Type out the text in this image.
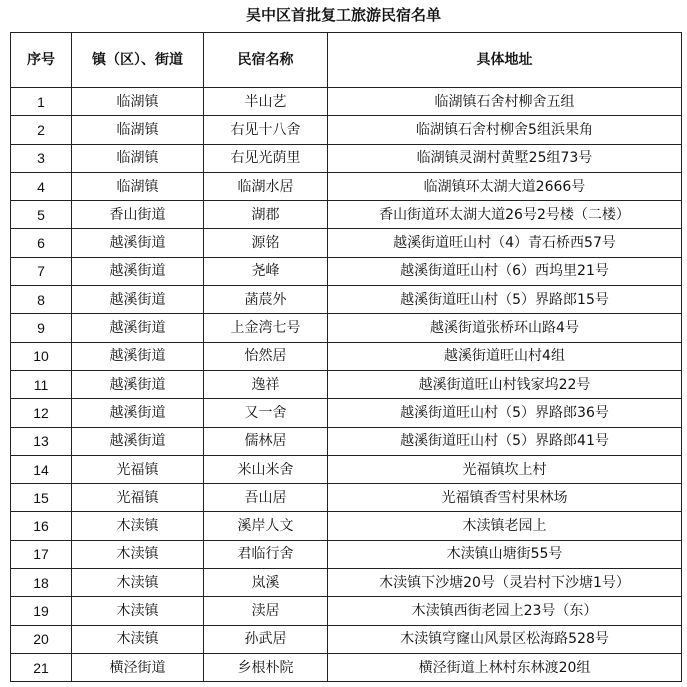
吴中区首批复工旅游民宿名单
序号	镇（区）、街道	民宿名称	具体地址
1	临湖镇	半山艺	临湖镇石舍村柳舍五组
2	临湖镇	右见十八舍	临湖镇石舍村柳舍5组浜果角
3	临湖镇	右见光荫里	临湖镇灵湖村黄墅25组73号
4	临湖镇	临湖水居	临湖镇环太湖大道2666号
5	香山街道	湖郡	香山街道环太湖大道26号2号楼（二楼）
6	越溪街道	源铭	越溪街道旺山村（4）青石桥西57号
7	越溪街道	尧峰	越溪街道旺山村（6）西坞里21号
8	越溪街道	菡莀外	越溪街道旺山村（5）界路郎15号
9	越溪街道	上金湾七号	越溪街道张桥环山路4号
10	越溪街道	怡然居	越溪街道旺山村4组
11	越溪街道	逸祥	越溪街道旺山村钱家坞22号
12	越溪街道	又一舍	越溪街道旺山村（5）界路郎36号
13	越溪街道	儒林居	越溪街道旺山村（5）界路郎41号
14	光福镇	米山米舍	光福镇坎上村
15	光福镇	吾山居	光福镇香雪村果林场
16	木渎镇	溪岸人文	木渎镇老园上
17	木渎镇	君临行舍	木渎镇山塘街55号
18	木渎镇	岚溪	木渎镇下沙塘20号（灵岩村下沙塘1号）
19	木渎镇	渎居	木渎镇西街老园上23号（东）
20	木渎镇	孙武居	木渎镇穹窿山风景区松海路528号
21	横泾街道	乡根朴院	横泾街道上林村东林渡20组
